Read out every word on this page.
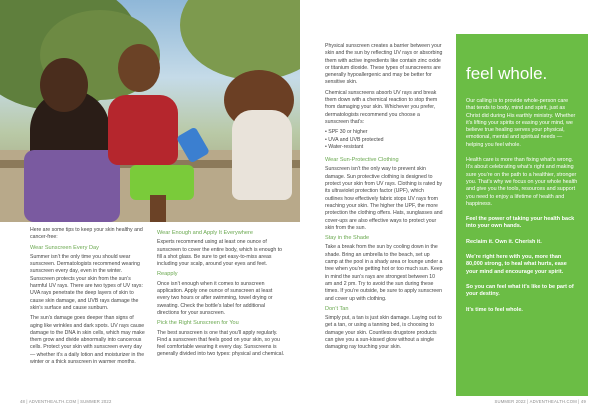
Here are some tips to keep your skin healthy and cancer-free:

Wear Sunscreen Every Day

Summer isn’t the only time you should wear sunscreen. Dermatologists recommend wearing sunscreen every day, even in the winter. Sunscreen protects your skin from the sun’s harmful UV rays. There are two types of UV rays: UVA rays penetrate the deep layers of skin to cause skin damage, and UVB rays damage the skin’s surface and cause sunburn.

The sun’s damage goes deeper than signs of aging like wrinkles and dark spots. UV rays cause damage to the DNA in skin cells, which may make them grow and divide abnormally into cancerous cells. Protect your skin with sunscreen every day — whether it’s a daily lotion and moisturizer in the winter or a thick sunscreen in warmer months.

Wear Enough and Apply It Everywhere

Experts recommend using at least one ounce of sunscreen to cover the entire body, which is enough to fill a shot glass. Be sure to get easy-to-miss areas including your scalp, around your eyes and feet.

Reapply

Once isn’t enough when it comes to sunscreen application. Apply one ounce of sunscreen at least every two hours or after swimming, towel drying or sweating. Check the bottle’s label for additional directions for your sunscreen.

Pick the Right Sunscreen for You

The best sunscreen is one that you’ll apply regularly. Find a sunscreen that feels good on your skin, so you feel comfortable wearing it every day. Sunscreens is generally divided into two types: physical and chemical.

Physical sunscreen creates a barrier between your skin and the sun by reflecting UV rays or absorbing them with active ingredients like contain zinc oxide or titanium dioxide. These types of sunscreens are generally hypoallergenic and may be better for sensitive skin.

Chemical sunscreens absorb UV rays and break them down with a chemical reaction to stop them from damaging your skin. Whichever you prefer, dermatologists recommend you choose a sunscreen that’s:

• SPF 30 or higher
• UVA and UVB protected
• Water-resistant
Wear Sun-Protective Clothing

Sunscreen isn’t the only way to prevent skin damage. Sun protective clothing is designed to protect your skin from UV rays. Clothing is rated by its ultraviolet protection factor (UPF), which outlines how effectively fabric stops UV rays from reaching your skin. The higher the UPF, the more protection the clothing offers. Hats, sunglasses and cover-ups are also effective ways to protect your skin from the sun.

Stay in the Shade

Take a break from the sun by cooling down in the shade. Bring an umbrella to the beach, set up camp at the pool in a shady area or lounge under a tree when you’re getting hot or too much sun. Keep in mind the sun’s rays are strongest between 10 am and 2 pm. Try to avoid the sun during these times. If you’re outside, be sure to apply sunscreen and cover up with clothing.

Don’t Tan

Simply put, a tan is just skin damage. Laying out to get a tan, or using a tanning bed, is choosing to damage your skin. Countless drugstore products can give you a sun-kissed glow without a single damaging ray touching your skin.

feel whole.

Our calling is to provide whole-person care that tends to body, mind and spirit, just as Christ did during His earthly ministry. Whether it’s lifting your spirits or easing your mind, we believe true healing serves your physical, emotional, mental and spiritual needs — helping you feel whole.

Health care is more than fixing what’s wrong. It’s about celebrating what’s right and making sure you’re on the path to a healthier, stronger you. That’s why we focus on your whole health and give you the tools, resources and support you need to enjoy a lifetime of health and happiness.

Feel the power of taking your health back into your own hands.

Reclaim it. Own it. Cherish it.

We’re right here with you, more than 80,000 strong, to heal what hurts, ease your mind and encourage your spirit.

So you can feel what it’s like to be part of your destiny.

It’s time to feel whole.

48 | ADVENTHEALTH.COM | SUMMER 2022	SUMMER 2022 | ADVENTHEALTH.COM | 49
